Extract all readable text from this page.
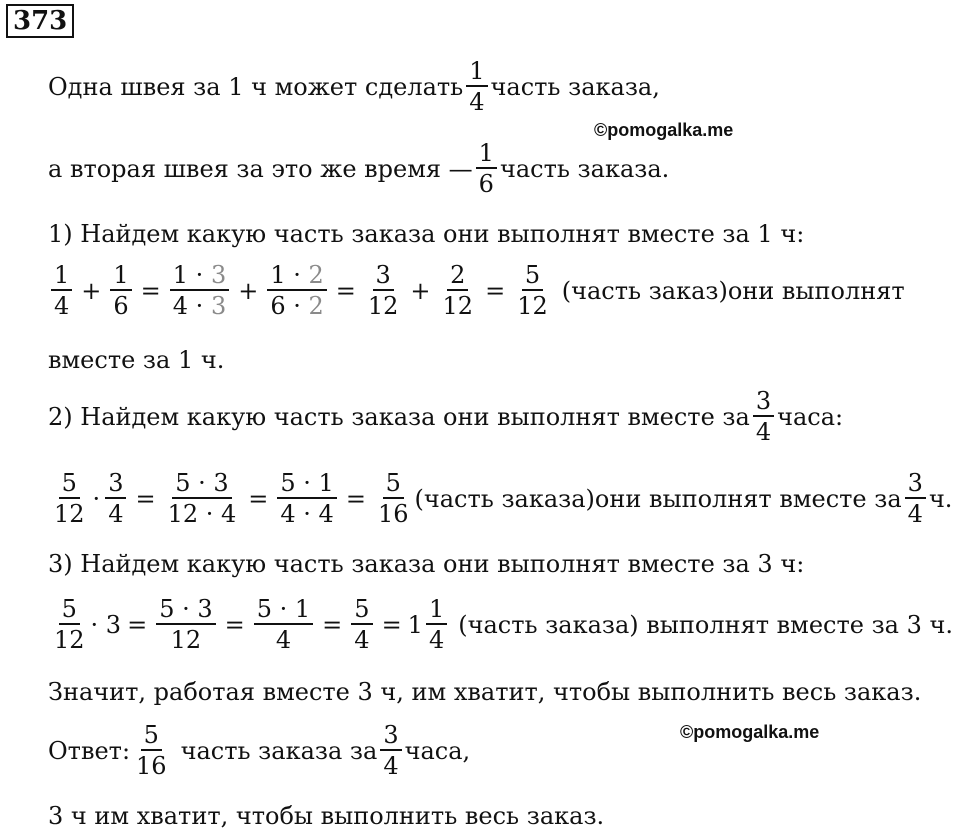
373
Одна швея за 1 ч может сделать $\frac{1}{4}$ часть заказа,
©pomogalka.me
а вторая швея за это же время — $\frac{1}{6}$ часть заказа.
1) Найдем какую часть заказа они выполнят вместе за 1 ч:
$\frac{1}{4} + \frac{1}{6} = \frac{1 \cdot 3}{4 \cdot 3} + \frac{1 \cdot 2}{6 \cdot 2} = \frac{3}{12} + \frac{2}{12} = \frac{5}{12}$ (часть заказ)они выполнят
вместе за 1 ч.
2) Найдем какую часть заказа они выполнят вместе за $\frac{3}{4}$ часа:
$\frac{5}{12} \cdot \frac{3}{4} = \frac{5 \cdot 3}{12 \cdot 4} = \frac{5 \cdot 1}{4 \cdot 4} = \frac{5}{16}$ (часть заказа)они выполнят вместе за $\frac{3}{4} ч$.
3) Найдем какую часть заказа они выполнят вместе за 3 ч:
$\frac{5}{12} \cdot 3 = \frac{5 \cdot 3}{12} = \frac{5 \cdot 1}{4} = \frac{5}{4} = 1 \frac{1}{4}$ (часть заказа) выполнят вместе за 3 ч.
Значит, работая вместе 3 ч, им хватит, чтобы выполнить весь заказ.
©pomogalka.me
Ответ: $\frac{5}{16}$ часть заказа за $\frac{3}{4}$ часа,
3 ч им хватит, чтобы выполнить весь заказ.
